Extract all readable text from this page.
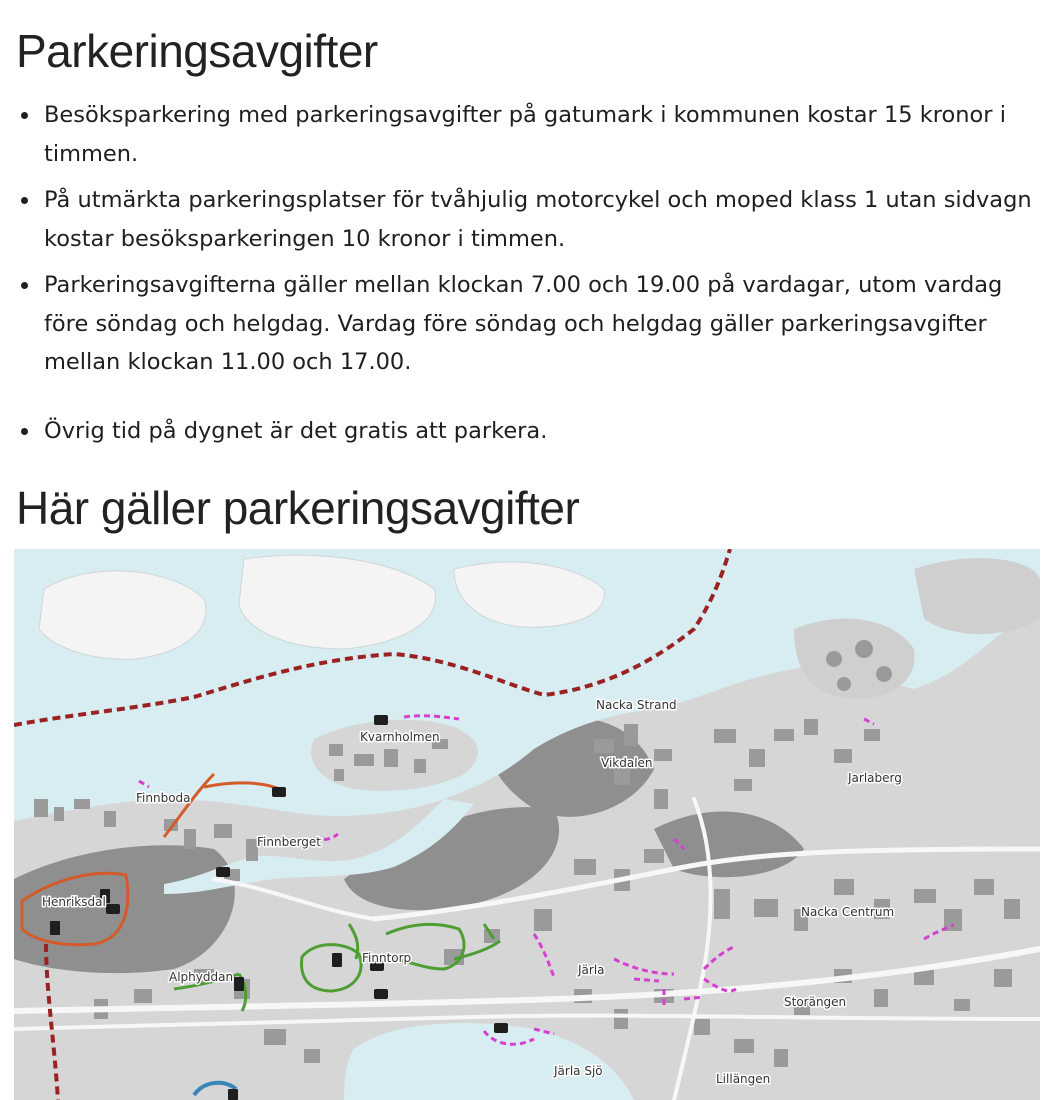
Parkeringsavgifter
Besöksparkering med parkeringsavgifter på gatumark i kommunen kostar 15 kronor i timmen.
På utmärkta parkeringsplatser för tvåhjulig motorcykel och moped klass 1 utan sidvagn kostar besöksparkeringen 10 kronor i timmen.
Parkeringsavgifterna gäller mellan klockan 7.00 och 19.00 på vardagar, utom vardag före söndag och helgdag. Vardag före söndag och helgdag gäller parkeringsavgifter mellan klockan 11.00 och 17.00.
Övrig tid på dygnet är det gratis att parkera.
Här gäller parkeringsavgifter
Nacka Strand
Kvarnholmen
Vikdalen
Jarlaberg
Finnboda
Finnberget
Henriksdal
Nacka Centrum
Finntorp
Alphyddan	Järla
Storängen
Järla Sjö
Lillängen
